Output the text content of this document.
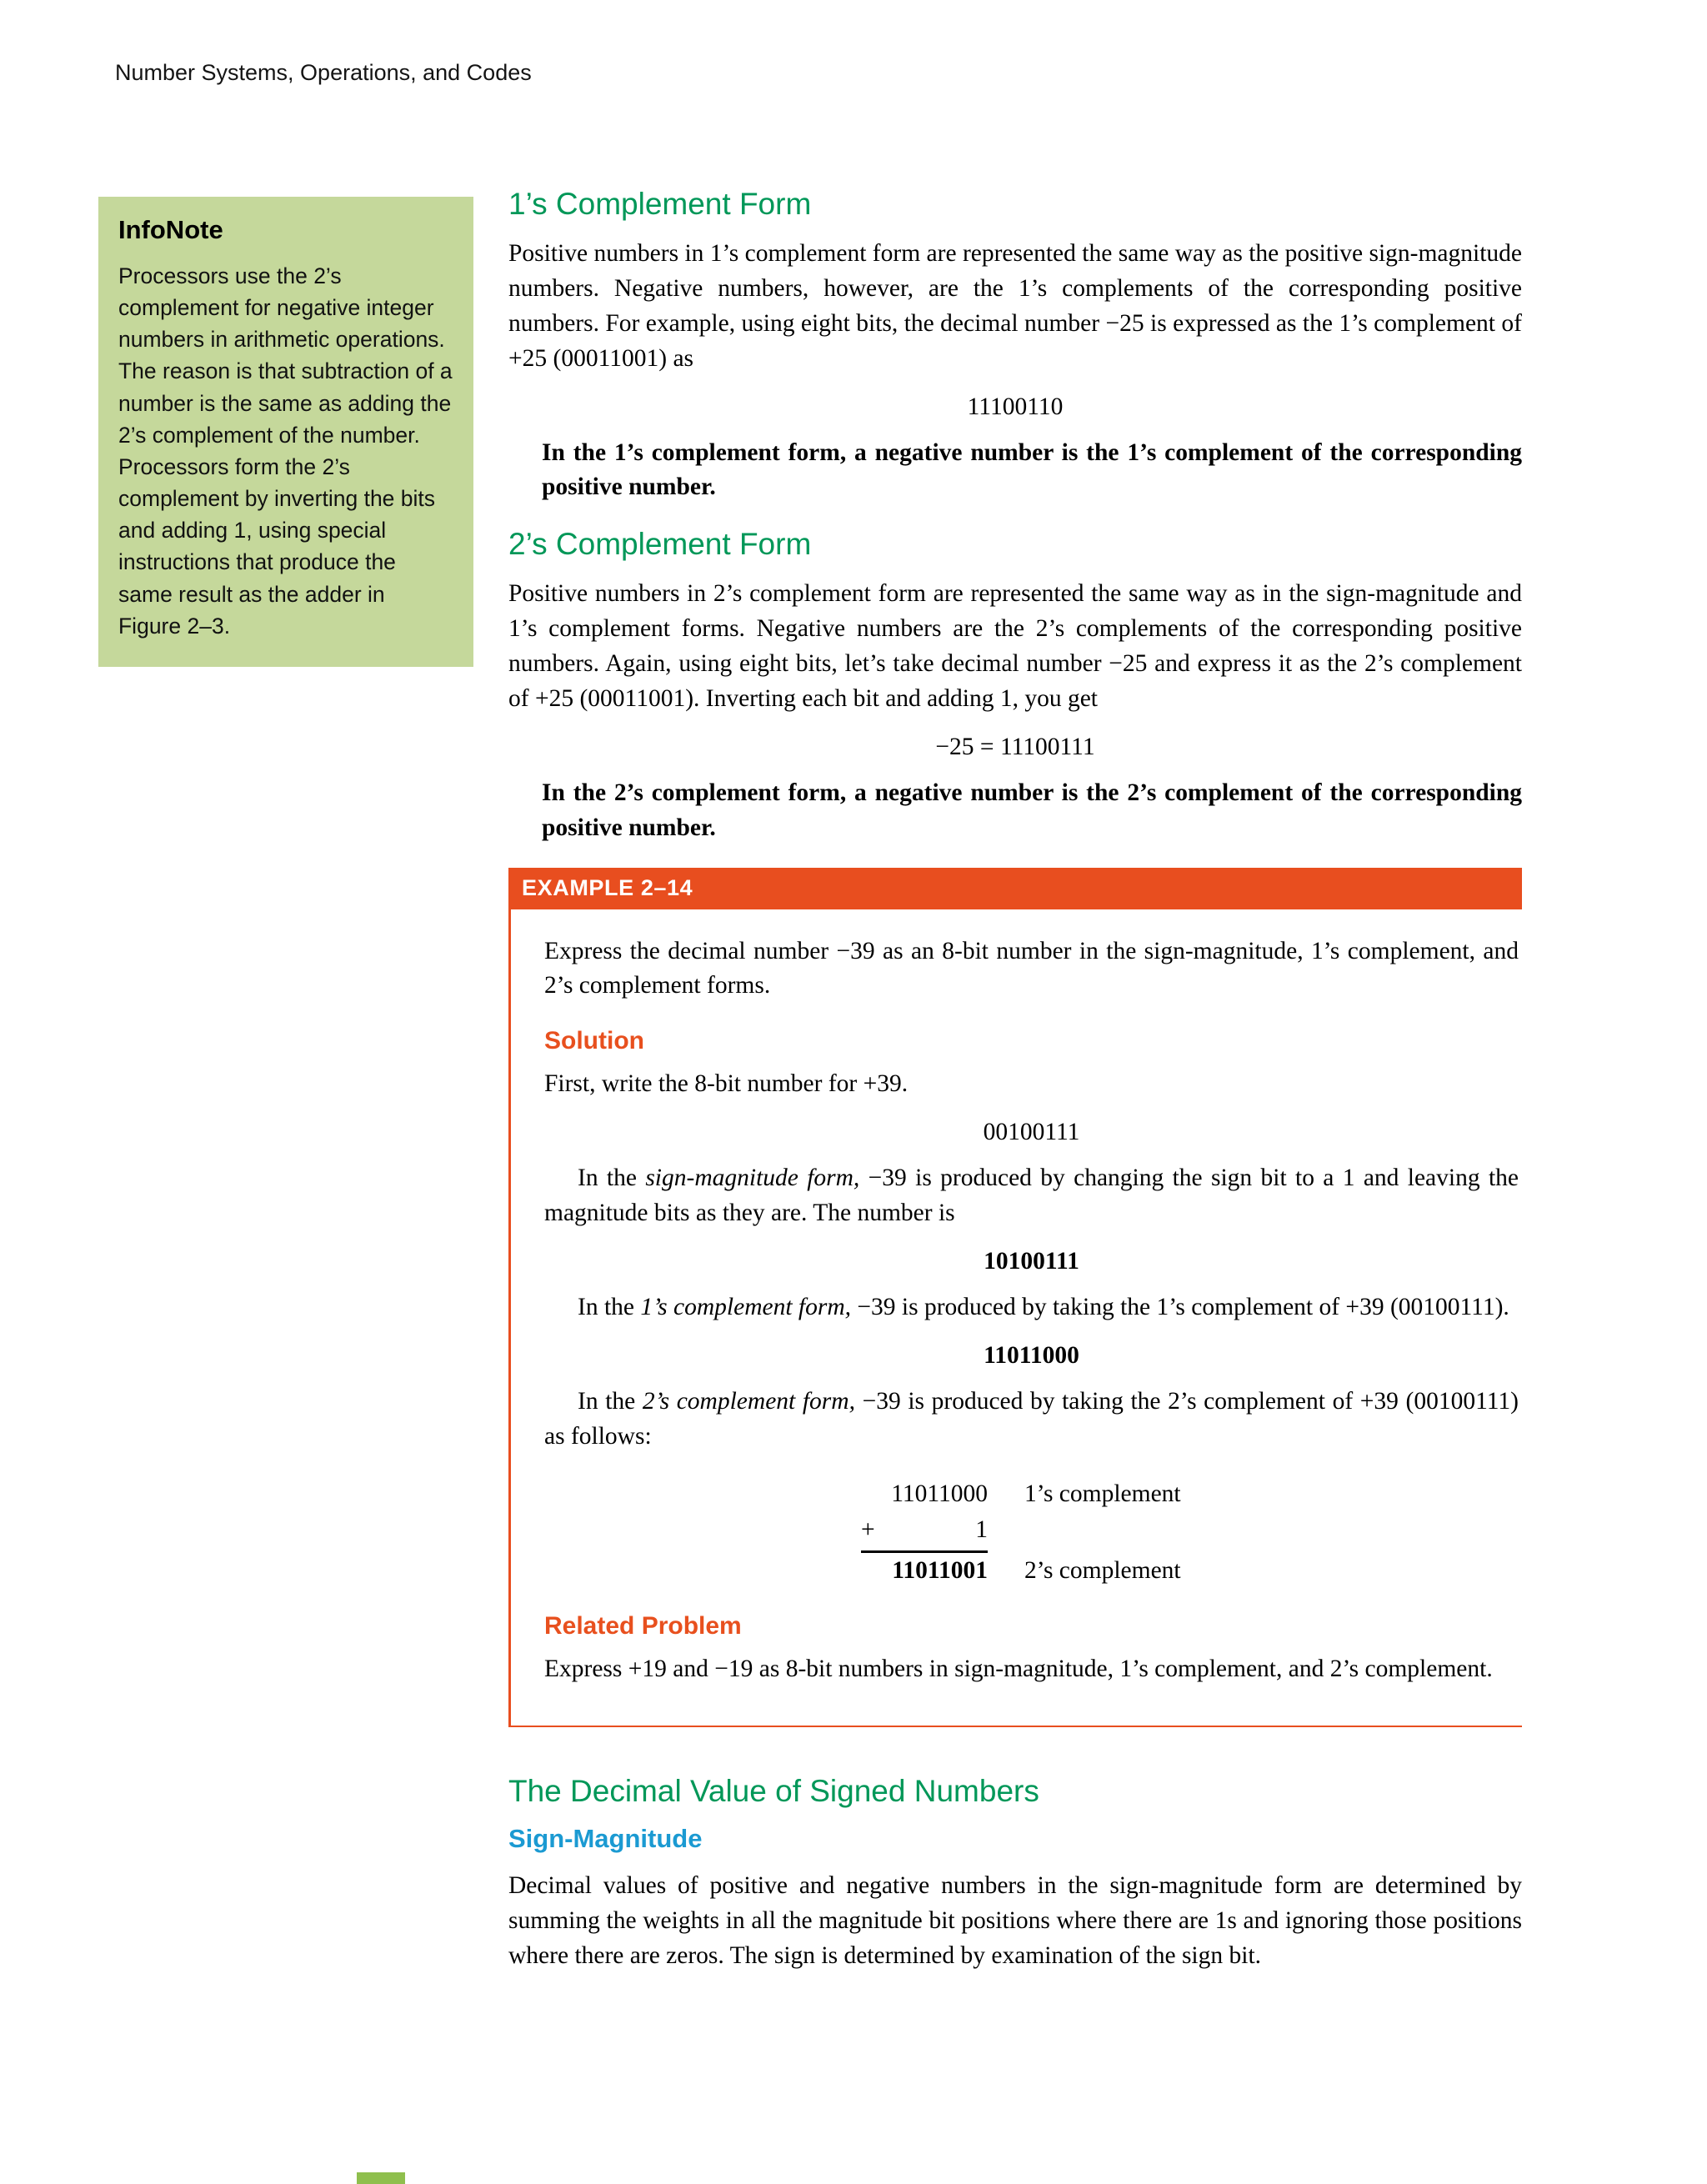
Number Systems, Operations, and Codes
InfoNote

Processors use the 2’s complement for negative integer numbers in arithmetic operations. The reason is that subtraction of a number is the same as adding the 2’s complement of the number. Processors form the 2’s complement by inverting the bits and adding 1, using special instructions that produce the same result as the adder in Figure 2–3.

1’s Complement Form

Positive numbers in 1’s complement form are represented the same way as the positive sign-magnitude numbers. Negative numbers, however, are the 1’s complements of the corresponding positive numbers. For example, using eight bits, the decimal number −25 is expressed as the 1’s complement of +25 (00011001) as

11100110

In the 1’s complement form, a negative number is the 1’s complement of the corresponding positive number.

2’s Complement Form

Positive numbers in 2’s complement form are represented the same way as in the sign-magnitude and 1’s complement forms. Negative numbers are the 2’s complements of the corresponding positive numbers. Again, using eight bits, let’s take decimal number −25 and express it as the 2’s complement of +25 (00011001). Inverting each bit and adding 1, you get

−25 = 11100111

In the 2’s complement form, a negative number is the 2’s complement of the corresponding positive number.

EXAMPLE 2–14

Express the decimal number −39 as an 8-bit number in the sign-magnitude, 1’s complement, and 2’s complement forms.

Solution

First, write the 8-bit number for +39.

00100111

In the sign-magnitude form, −39 is produced by changing the sign bit to a 1 and leaving the magnitude bits as they are. The number is

10100111

In the 1’s complement form, −39 is produced by taking the 1’s complement of +39 (00100111).

11011000

In the 2’s complement form, −39 is produced by taking the 2’s complement of +39 (00100111) as follows:

11011000 1’s complement
+	1
11011001 2’s complement
Related Problem

Express +19 and −19 as 8-bit numbers in sign-magnitude, 1’s complement, and 2’s complement.

The Decimal Value of Signed Numbers
Sign-Magnitude

Decimal values of positive and negative numbers in the sign-magnitude form are determined by summing the weights in all the magnitude bit positions where there are 1s and ignoring those positions where there are zeros. The sign is determined by examination of the sign bit.
